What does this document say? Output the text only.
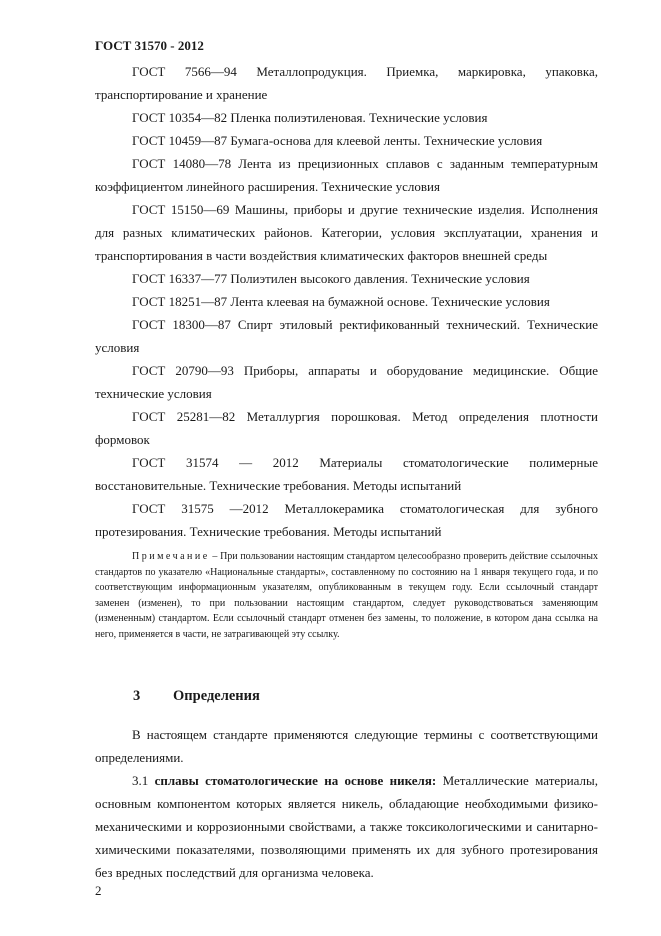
ГОСТ 31570 - 2012

ГОСТ 7566—94 Металлопродукция. Приемка, маркировка, упаковка, транспортирование и хранение

ГОСТ 10354—82 Пленка полиэтиленовая. Технические условия

ГОСТ 10459—87 Бумага-основа для клеевой ленты. Технические условия

ГОСТ 14080—78 Лента из прецизионных сплавов с заданным температурным коэффициентом линейного расширения. Технические условия

ГОСТ 15150—69 Машины, приборы и другие технические изделия. Исполнения для разных климатических районов. Категории, условия эксплуатации, хранения и транспортирования в части воздействия климатических факторов внешней среды

ГОСТ 16337—77 Полиэтилен высокого давления. Технические условия

ГОСТ 18251—87 Лента клеевая на бумажной основе. Технические условия

ГОСТ 18300—87 Спирт этиловый ректификованный технический. Технические условия

ГОСТ 20790—93 Приборы, аппараты и оборудование медицинские. Общие технические условия

ГОСТ 25281—82 Металлургия порошковая. Метод определения плотности формовок

ГОСТ 31574 — 2012 Материалы стоматологические полимерные восстановительные. Технические требования. Методы испытаний

ГОСТ 31575 —2012 Металлокерамика стоматологическая для зубного протезирования. Технические требования. Методы испытаний

Примечание – При пользовании настоящим стандартом целесообразно проверить действие ссылочных стандартов по указателю «Национальные стандарты», составленному по состоянию на 1 января текущего года, и по соответствующим информационным указателям, опубликованным в текущем году. Если ссылочный стандарт заменен (изменен), то при пользовании настоящим стандартом, следует руководствоваться заменяющим (измененным) стандартом. Если ссылочный стандарт отменен без замены, то положение, в котором дана ссылка на него, применяется в части, не затрагивающей эту ссылку.

3 Определения

В настоящем стандарте применяются следующие термины с соответствующими определениями.

3.1 сплавы стоматологические на основе никеля: Металлические материалы, основным компонентом которых является никель, обладающие необходимыми физико-механическими и коррозионными свойствами, а также токсикологическими и санитарно-химическими показателями, позволяющими применять их для зубного протезирования без вредных последствий для организма человека.

2
